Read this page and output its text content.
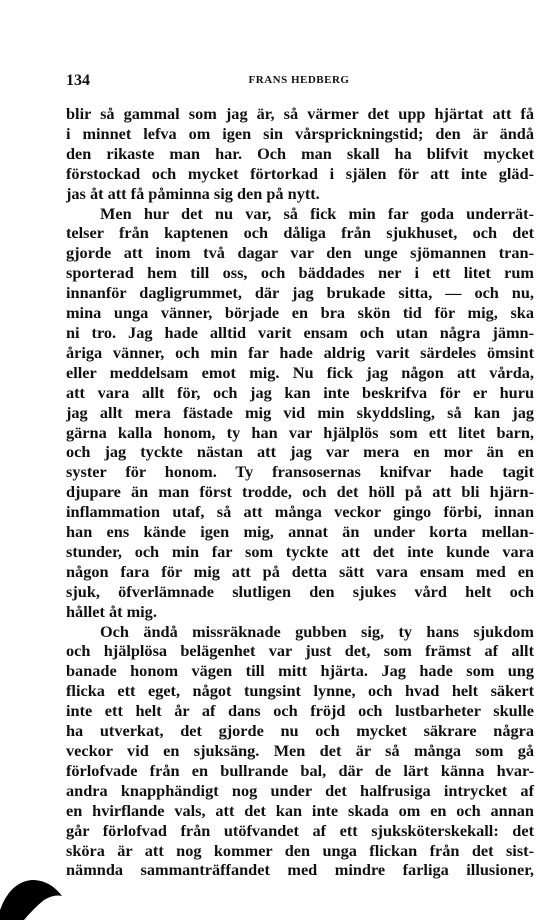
134	FRANS HEDBERG
blir så gammal som jag är, så värmer det upp hjärtat att få
i minnet lefva om igen sin vårsprickningstid; den är ändå
den rikaste man har. Och man skall ha blifvit mycket
förstockad och mycket förtorkad i själen för att inte gläd-
jas åt att få påminna sig den på nytt.
Men hur det nu var, så fick min far goda underrät-
telser från kaptenen och dåliga från sjukhuset, och det
gjorde att inom två dagar var den unge sjömannen tran-
sporterad hem till oss, och bäddades ner i ett litet rum
innanför dagligrummet, där jag brukade sitta, — och nu,
mina unga vänner, började en bra skön tid för mig, ska
ni tro. Jag hade alltid varit ensam och utan några jämn-
åriga vänner, och min far hade aldrig varit särdeles ömsint
eller meddelsam emot mig. Nu fick jag någon att vårda,
att vara allt för, och jag kan inte beskrifva för er huru
jag allt mera fästade mig vid min skyddsling, så kan jag
gärna kalla honom, ty han var hjälplös som ett litet barn,
och jag tyckte nästan att jag var mera en mor än en
syster för honom. Ty fransosernas knifvar hade tagit
djupare än man först trodde, och det höll på att bli hjärn-
inflammation utaf, så att många veckor gingo förbi, innan
han ens kände igen mig, annat än under korta mellan-
stunder, och min far som tyckte att det inte kunde vara
någon fara för mig att på detta sätt vara ensam med en
sjuk, öfverlämnade slutligen den sjukes vård helt och
hållet åt mig.
Och ändå missräknade gubben sig, ty hans sjukdom
och hjälplösa belägenhet var just det, som främst af allt
banade honom vägen till mitt hjärta. Jag hade som ung
flicka ett eget, något tungsint lynne, och hvad helt säkert
inte ett helt år af dans och fröjd och lustbarheter skulle
ha utverkat, det gjorde nu och mycket säkrare några
veckor vid en sjuksäng. Men det är så många som gå
förlofvade från en bullrande bal, där de lärt känna hvar-
andra knapphändigt nog under det halfrusiga intrycket af
en hvirflande vals, att det kan inte skada om en och annan
går förlofvad från utöfvandet af ett sjuksköterskekall: det
sköra är att nog kommer den unga flickan från det sist-
nämnda sammanträffandet med mindre farliga illusioner,
